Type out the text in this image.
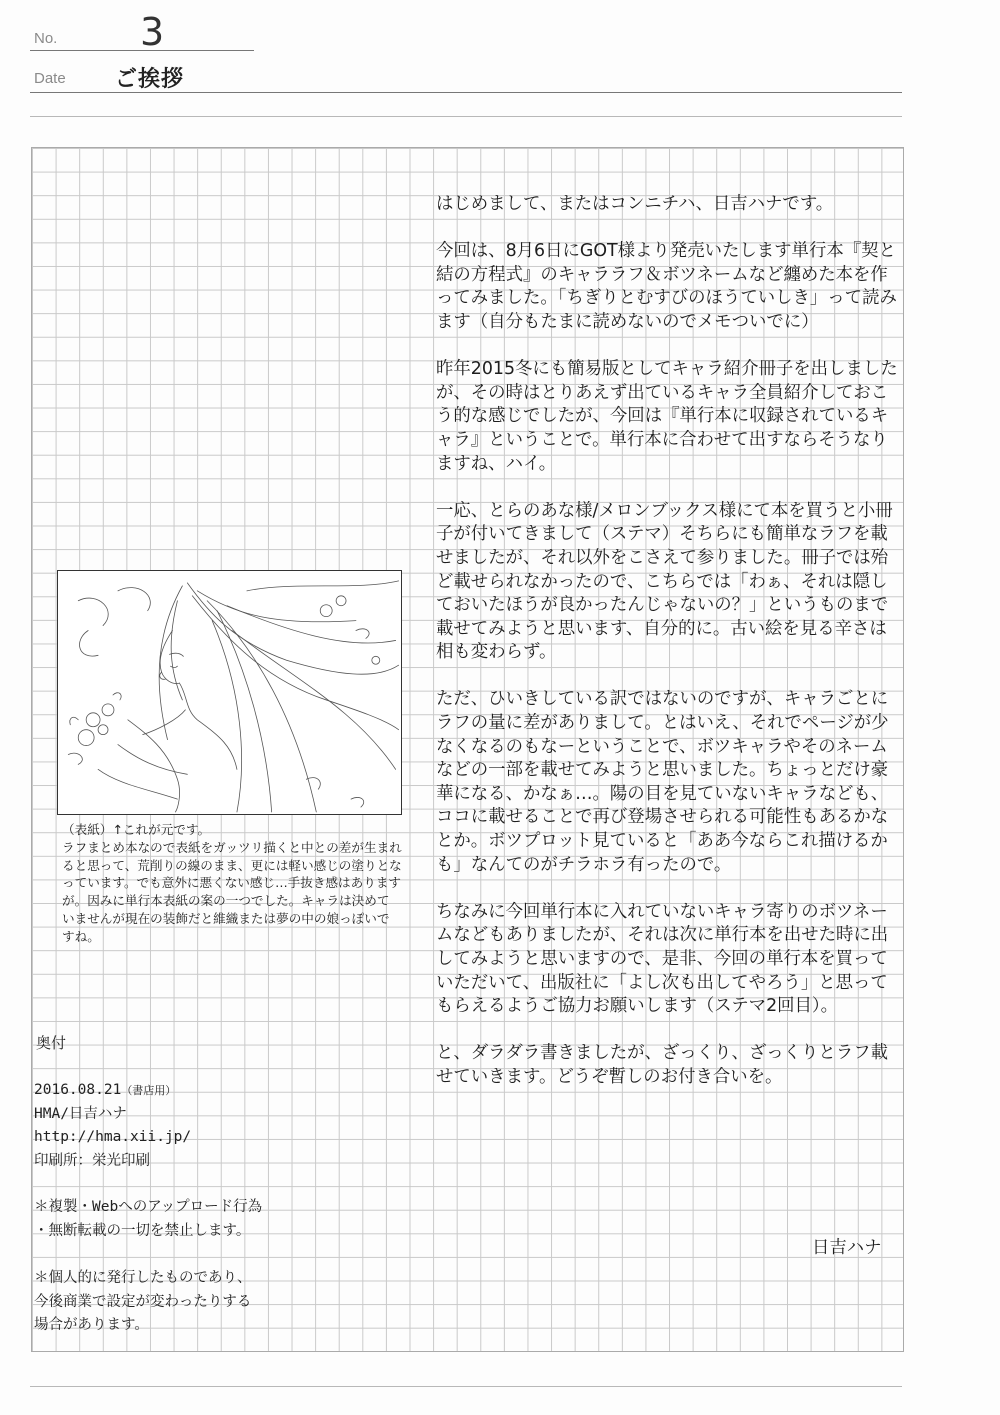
No. 3
Date ご挨拶

はじめまして、またはコンニチハ、日吉ハナです。

今回は、8月6日にGOT様より発売いたします単行本『契と結の方程式』のキャララフ＆ボツネームなど纏めた本を作ってみました。「ちぎりとむすびのほうていしき」って読みます（自分もたまに読めないのでメモついでに）

昨年2015冬にも簡易版としてキャラ紹介冊子を出しましたが、その時はとりあえず出ているキャラ全員紹介しておこう的な感じでしたが、今回は『単行本に収録されているキャラ』ということで。単行本に合わせて出すならそうなりますね、ハイ。

一応、とらのあな様/メロンブックス様にて本を買うと小冊子が付いてきまして（ステマ）そちらにも簡単なラフを載せましたが、それ以外をこさえて参りました。冊子では殆ど載せられなかったので、こちらでは「わぁ、それは隠しておいたほうが良かったんじゃないの？」というものまで載せてみようと思います、自分的に。古い絵を見る辛さは相も変わらず。

ただ、ひいきしている訳ではないのですが、キャラごとにラフの量に差がありまして。とはいえ、それでページが少なくなるのもなーということで、ボツキャラやそのネームなどの一部を載せてみようと思いました。ちょっとだけ豪華になる、かなぁ…。陽の目を見ていないキャラなども、ココに載せることで再び登場させられる可能性もあるかなとか。ボツプロット見ていると「ああ今ならこれ描けるかも」なんてのがチラホラ有ったので。

ちなみに今回単行本に入れていないキャラ寄りのボツネームなどもありましたが、それは次に単行本を出せた時に出してみようと思いますので、是非、今回の単行本を買っていただいて、出版社に「よし次も出してやろう」と思ってもらえるようご協力お願いします（ステマ2回目）。

と、ダラダラ書きましたが、ざっくり、ざっくりとラフ載せていきます。どうぞ暫しのお付き合いを。

日吉ハナ

（表紙）↑これが元です。

ラフまとめ本なので表紙をガッツリ描くと中との差が生まれると思って、荒削りの線のまま、更には軽い感じの塗りとなっています。でも意外に悪くない感じ…手抜き感はありますが。因みに単行本表紙の案の一つでした。キャラは決めていませんが現在の装飾だと維織または夢の中の娘っぽいですね。

奥付
2016.08.21（書店用）
HMA/日吉ハナ
http://hma.xii.jp/
印刷所：栄光印刷

＊複製・Webへのアップロード行為

・無断転載の一切を禁止します。

＊個人的に発行したものであり、

今後商業で設定が変わったりする

場合があります。
